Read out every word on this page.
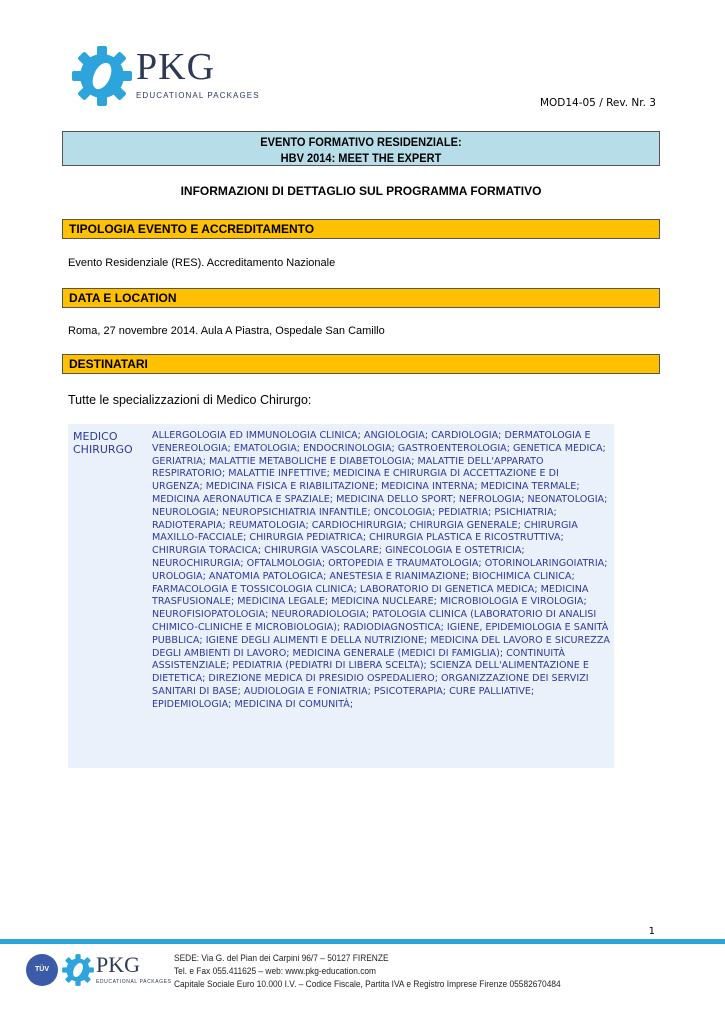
PKG
EDUCATIONAL PACKAGES
MOD14-05 / Rev. Nr. 3
EVENTO FORMATIVO RESIDENZIALE:
HBV 2014: MEET THE EXPERT
INFORMAZIONI DI DETTAGLIO SUL PROGRAMMA FORMATIVO
TIPOLOGIA EVENTO E ACCREDITAMENTO
Evento Residenziale (RES). Accreditamento Nazionale
DATA E LOCATION
Roma, 27 novembre 2014. Aula A Piastra, Ospedale San Camillo
DESTINATARI
Tutte le specializzazioni di Medico Chirurgo:
MEDICO
CHIRURGO
ALLERGOLOGIA ED IMMUNOLOGIA CLINICA; ANGIOLOGIA; CARDIOLOGIA; DERMATOLOGIA E VENEREOLOGIA; EMATOLOGIA; ENDOCRINOLOGIA; GASTROENTEROLOGIA; GENETICA MEDICA; GERIATRIA; MALATTIE METABOLICHE E DIABETOLOGIA; MALATTIE DELL'APPARATO RESPIRATORIO; MALATTIE INFETTIVE; MEDICINA E CHIRURGIA DI ACCETTAZIONE E DI URGENZA; MEDICINA FISICA E RIABILITAZIONE; MEDICINA INTERNA; MEDICINA TERMALE; MEDICINA AERONAUTICA E SPAZIALE; MEDICINA DELLO SPORT; NEFROLOGIA; NEONATOLOGIA; NEUROLOGIA; NEUROPSICHIATRIA INFANTILE; ONCOLOGIA; PEDIATRIA; PSICHIATRIA; RADIOTERAPIA; REUMATOLOGIA; CARDIOCHIRURGIA; CHIRURGIA GENERALE; CHIRURGIA MAXILLO-FACCIALE; CHIRURGIA PEDIATRICA; CHIRURGIA PLASTICA E RICOSTRUTTIVA; CHIRURGIA TORACICA; CHIRURGIA VASCOLARE; GINECOLOGIA E OSTETRICIA; NEUROCHIRURGIA; OFTALMOLOGIA; ORTOPEDIA E TRAUMATOLOGIA; OTORINOLARINGOIATRIA; UROLOGIA; ANATOMIA PATOLOGICA; ANESTESIA E RIANIMAZIONE; BIOCHIMICA CLINICA; FARMACOLOGIA E TOSSICOLOGIA CLINICA; LABORATORIO DI GENETICA MEDICA; MEDICINA TRASFUSIONALE; MEDICINA LEGALE; MEDICINA NUCLEARE; MICROBIOLOGIA E VIROLOGIA; NEUROFISIOPATOLOGIA; NEURORADIOLOGIA; PATOLOGIA CLINICA (LABORATORIO DI ANALISI CHIMICO-CLINICHE E MICROBIOLOGIA); RADIODIAGNOSTICA; IGIENE, EPIDEMIOLOGIA E SANITÀ PUBBLICA; IGIENE DEGLI ALIMENTI E DELLA NUTRIZIONE; MEDICINA DEL LAVORO E SICUREZZA DEGLI AMBIENTI DI LAVORO; MEDICINA GENERALE (MEDICI DI FAMIGLIA); CONTINUITÀ ASSISTENZIALE; PEDIATRIA (PEDIATRI DI LIBERA SCELTA); SCIENZA DELL'ALIMENTAZIONE E DIETETICA; DIREZIONE MEDICA DI PRESIDIO OSPEDALIERO; ORGANIZZAZIONE DEI SERVIZI SANITARI DI BASE; AUDIOLOGIA E FONIATRIA; PSICOTERAPIA; CURE PALLIATIVE; EPIDEMIOLOGIA; MEDICINA DI COMUNITÀ;
1
TÜV	PKG
EDUCATIONAL PACKAGES
SEDE: Via G. del Pian dei Carpini 96/7 – 50127 FIRENZE
Tel. e Fax 055.411625 – web: www.pkg-education.com
Capitale Sociale Euro 10.000 I.V. – Codice Fiscale, Partita IVA e Registro Imprese Firenze 05582670484
